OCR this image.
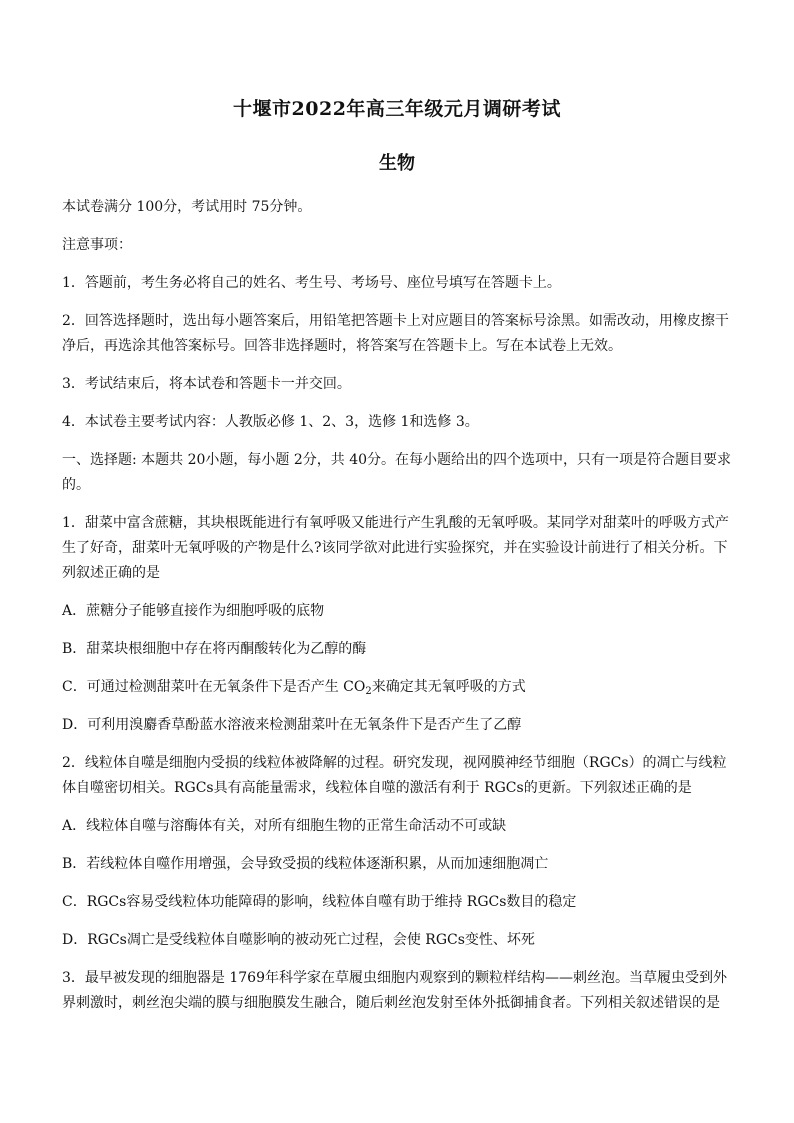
十堰市2022年高三年级元月调研考试
生物

本试卷满分 100分，考试用时 75分钟。

注意事项：

1．答题前，考生务必将自己的姓名、考生号、考场号、座位号填写在答题卡上。

2．回答选择题时，选出每小题答案后，用铅笔把答题卡上对应题目的答案标号涂黑。如需改动，用橡皮擦干净后，再选涂其他答案标号。回答非选择题时，将答案写在答题卡上。写在本试卷上无效。

3．考试结束后，将本试卷和答题卡一并交回。

4．本试卷主要考试内容：人教版必修 1、2、3，选修 1和选修 3。

一、选择题: 本题共 20小题，每小题 2分，共 40分。在每小题给出的四个选项中，只有一项是符合题目要求的。

1．甜菜中富含蔗糖，其块根既能进行有氧呼吸又能进行产生乳酸的无氧呼吸。某同学对甜菜叶的呼吸方式产生了好奇，甜菜叶无氧呼吸的产物是什么?该同学欲对此进行实验探究，并在实验设计前进行了相关分析。下列叙述正确的是

A．蔗糖分子能够直接作为细胞呼吸的底物

B．甜菜块根细胞中存在将丙酮酸转化为乙醇的酶

C．可通过检测甜菜叶在无氧条件下是否产生 $CO_2$来确定其无氧呼吸的方式

D．可利用溴麝香草酚蓝水溶液来检测甜菜叶在无氧条件下是否产生了乙醇

2．线粒体自噬是细胞内受损的线粒体被降解的过程。研究发现，视网膜神经节细胞（RGCs）的凋亡与线粒体自噬密切相关。RGCs具有高能量需求，线粒体自噬的激活有利于 RGCs的更新。下列叙述正确的是

A．线粒体自噬与溶酶体有关，对所有细胞生物的正常生命活动不可或缺

B．若线粒体自噬作用增强，会导致受损的线粒体逐渐积累，从而加速细胞凋亡

C．RGCs容易受线粒体功能障碍的影响，线粒体自噬有助于维持 RGCs数目的稳定

D．RGCs凋亡是受线粒体自噬影响的被动死亡过程，会使 RGCs变性、坏死

3．最早被发现的细胞器是 1769年科学家在草履虫细胞内观察到的颗粒样结构——刺丝泡。当草履虫受到外界刺激时，刺丝泡尖端的膜与细胞膜发生融合，随后刺丝泡发射至体外抵御捕食者。下列相关叙述错误的是
